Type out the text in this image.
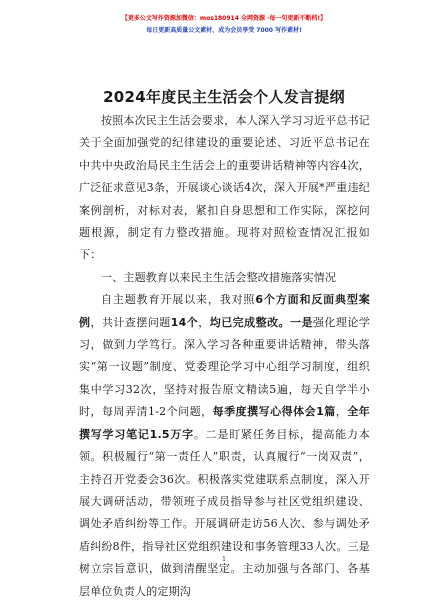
【更多公文写作资源加微信：mos180914 全网资源 ·每一句更新不断档!】
每日更新高质量公文素材，成为会员享受 7000 写作素材!
2024年度民主生活会个人发言提纲

按照本次民主生活会要求，本人深入学习习近平总书记关于全面加强党的纪律建设的重要论述、习近平总书记在中共中央政治局民主生活会上的重要讲话精神等内容4次，广泛征求意见3条，开展谈心谈话4次，深入开展*严重违纪案例剖析，对标对表，紧扣自身思想和工作实际，深挖问题根源，制定有力整改措施。现将对照检查情况汇报如下：

一、主题教育以来民主生活会整改措施落实情况

自主题教育开展以来，我对照6个方面和反面典型案例，共计查摆问题14个，均已完成整改。一是强化理论学习，做到力学笃行。深入学习各种重要讲话精神，带头落实“第一议题”制度、党委理论学习中心组学习制度，组织集中学习32次，坚持对报告原文精读5遍，每天自学半小时，每周弄清1-2个问题，每季度撰写心得体会1篇，全年撰写学习笔记1.5万字。二是盯紧任务目标，提高能力本领。积极履行“第一责任人”职责，认真履行“一岗双责”，主持召开党委会36次。积极落实党建联系点制度，深入开展大调研活动，带领班子成员指导参与社区党组织建设、调处矛盾纠纷等工作。开展调研走访56人次、参与调处矛盾纠纷8件，指导社区党组织建设和事务管理33人次。三是树立宗旨意识，做到清醒坚定。主动加强与各部门、各基层单位负责人的定期沟

1
